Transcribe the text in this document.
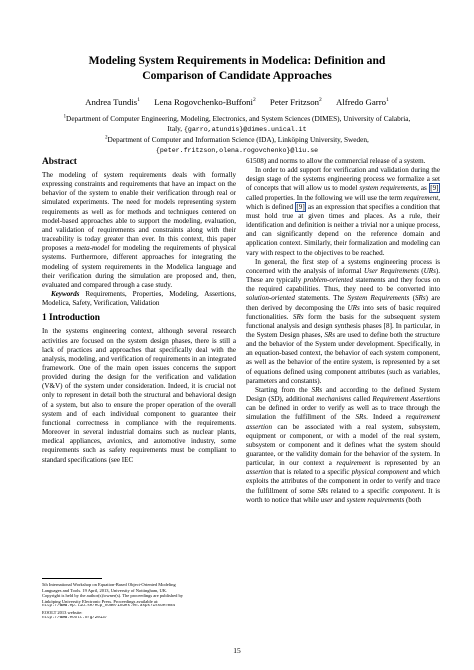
Modeling System Requirements in Modelica: Definition and
Comparison of Candidate Approaches
Andrea Tundis$^1$ Lena Rogovchenko-Buffoni$^2$ Peter Fritzson$^2$ Alfredo Garro$^1$
$^1$Department of Computer Engineering, Modeling, Electronics, and System Sciences (DIMES), University of Calabria,
Italy, {garro,atundis}@dimes.unical.it
$^2$Department of Computer and Information Science (IDA), Linköping University, Sweden,
{peter.fritzson,olena.rogovchenko}@liu.se
Abstract

The modeling of system requirements deals with formally expressing constraints and requirements that have an impact on the behavior of the system to enable their verification through real or simulated experiments. The need for models representing system requirements as well as for methods and techniques centered on model-based approaches able to support the modeling, evaluation, and validation of requirements and constraints along with their traceability is today greater than ever. In this context, this paper proposes a meta-model for modeling the requirements of physical systems. Furthermore, different approaches for integrating the modeling of system requirements in the Modelica language and their verification during the simulation are proposed and, then, evaluated and compared through a case study.

Keywords Requirements, Properties, Modeling, Assertions, Modelica, Safety, Verification, Validation

1 Introduction

In the systems engineering context, although several research activities are focused on the system design phases, there is still a lack of practices and approaches that specifically deal with the analysis, modeling, and verification of requirements in an integrated framework. One of the main open issues concerns the support provided during the design for the verification and validation (V&V) of the system under consideration. Indeed, it is crucial not only to represent in detail both the structural and behavioral design of a system, but also to ensure the proper operation of the overall system and of each individual component to guarantee their functional correctness in compliance with the requirements. Moreover in several industrial domains such as nuclear plants, medical appliances, avionics, and automotive industry, some requirements such as safety requirements must be compliant to standard specifications (see IEC

61508) and norms to allow the commercial release of a system.

In order to add support for verification and validation during the design stage of the systems engineering process we formalize a set of concepts that will allow us to model system requirements, as [9] called properties. In the following we will use the term requirement, which is defined [9] as an expression that specifies a condition that must hold true at given times and places. As a rule, their identification and definition is neither a trivial nor a unique process, and can significantly depend on the reference domain and application context. Similarly, their formalization and modeling can vary with respect to the objectives to be reached.

In general, the first step of a systems engineering process is concerned with the analysis of informal User Requirements (URs). These are typically problem-oriented statements and they focus on the required capabilities. Thus, they need to be converted into solution-oriented statements. The System Requirements (SRs) are then derived by decomposing the URs into sets of basic required functionalities. SRs form the basis for the subsequent system functional analysis and design synthesis phases [8]. In particular, in the System Design phases, SRs are used to define both the structure and the behavior of the System under development. Specifically, in an equation-based context, the behavior of each system component, as well as the behavior of the entire system, is represented by a set of equations defined using component attributes (such as variables, parameters and constants).

Starting from the SRs and according to the defined System Design (SD), additional mechanisms called Requirement Assertions can be defined in order to verify as well as to trace through the simulation the fulfillment of the SRs. Indeed a requirement assertion can be associated with a real system, subsystem, equipment or component, or with a model of the real system, subsystem or component and it defines what the system should guarantee, or the validity domain for the behavior of the system. In particular, in our context a requirement is represented by an assertion that is related to a specific physical component and which exploits the attributes of the component in order to verify and trace the fulfillment of some SRs related to a specific component. It is worth to notice that while user and system requirements (both

5th International Workshop on Equation-Based Object-Oriented Modeling
Languages and Tools. 19 April, 2013, University of Nottingham, UK.
Copyright is held by the author(s)/owner(s). The proceedings are published by
Linköping University Electronic Press. Proceedings available at:
http://www.ep.liu.se/ecp_home/index.en.aspx?issue=084
EOOLT 2013 website:
http://www.eoolt.org/2013/
15
